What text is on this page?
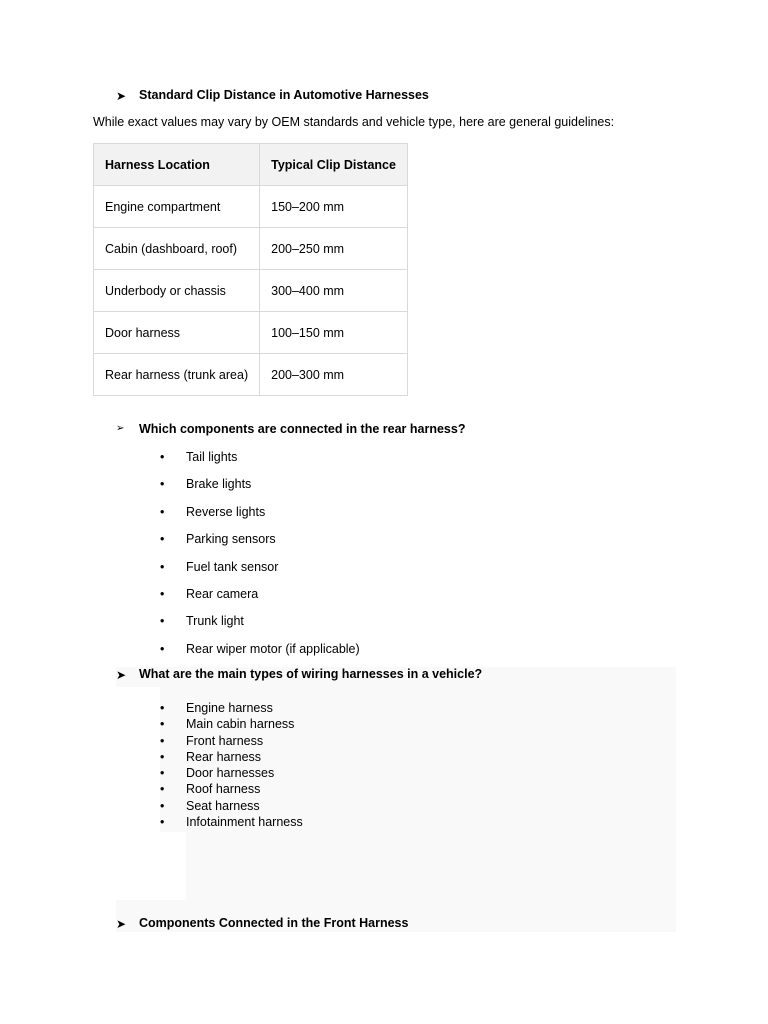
➤ Standard Clip Distance in Automotive Harnesses
While exact values may vary by OEM standards and vehicle type, here are general guidelines:
Harness Location	Typical Clip Distance
Engine compartment	150–200 mm
Cabin (dashboard, roof)	200–250 mm
Underbody or chassis	300–400 mm
Door harness	100–150 mm
Rear harness (trunk area)	200–300 mm
➢ Which components are connected in the rear harness?
• Tail lights
• Brake lights
• Reverse lights
• Parking sensors
• Fuel tank sensor
• Rear camera
• Trunk light
• Rear wiper motor (if applicable)
➤ What are the main types of wiring harnesses in a vehicle?
• Engine harness
• Main cabin harness
• Front harness
• Rear harness
• Door harnesses
• Roof harness
• Seat harness
• Infotainment harness
➤ Components Connected in the Front Harness
